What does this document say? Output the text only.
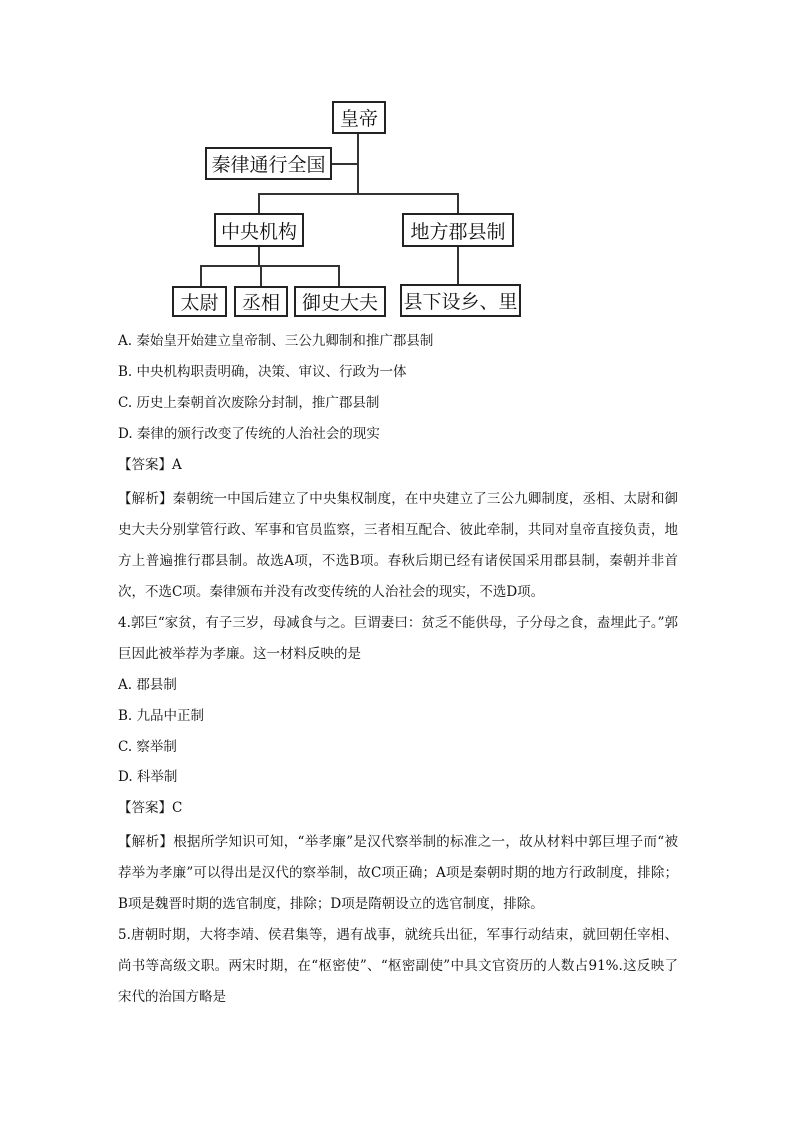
皇帝
秦律通行全国
中央机构	地方郡县制
太尉	丞相	御史大夫	县下设乡、里
A. 秦始皇开始建立皇帝制、三公九卿制和推广郡县制
B. 中央机构职责明确，决策、审议、行政为一体
C. 历史上秦朝首次废除分封制，推广郡县制
D. 秦律的颁行改变了传统的人治社会的现实
【答案】A
【解析】秦朝统一中国后建立了中央集权制度，在中央建立了三公九卿制度，丞相、太尉和御史大夫分别掌管行政、军事和官员监察，三者相互配合、彼此牵制，共同对皇帝直接负责，地方上普遍推行郡县制。故选A项，不选B项。春秋后期已经有诸侯国采用郡县制，秦朝并非首次，不选C项。秦律颁布并没有改变传统的人治社会的现实，不选D项。
4.郭巨“家贫，有子三岁，母减食与之。巨谓妻曰：贫乏不能供母，子分母之食，盍埋此子。”郭巨因此被举荐为孝廉。这一材料反映的是
A. 郡县制
B. 九品中正制
C. 察举制
D. 科举制
【答案】C
【解析】根据所学知识可知，“举孝廉”是汉代察举制的标准之一，故从材料中郭巨埋子而“被荐举为孝廉”可以得出是汉代的察举制，故C项正确；A项是秦朝时期的地方行政制度，排除；B项是魏晋时期的选官制度，排除；D项是隋朝设立的选官制度，排除。
5.唐朝时期，大将李靖、侯君集等，遇有战事，就统兵出征，军事行动结束，就回朝任宰相、尚书等高级文职。两宋时期，在“枢密使”、“枢密副使”中具文官资历的人数占91%.这反映了宋代的治国方略是
